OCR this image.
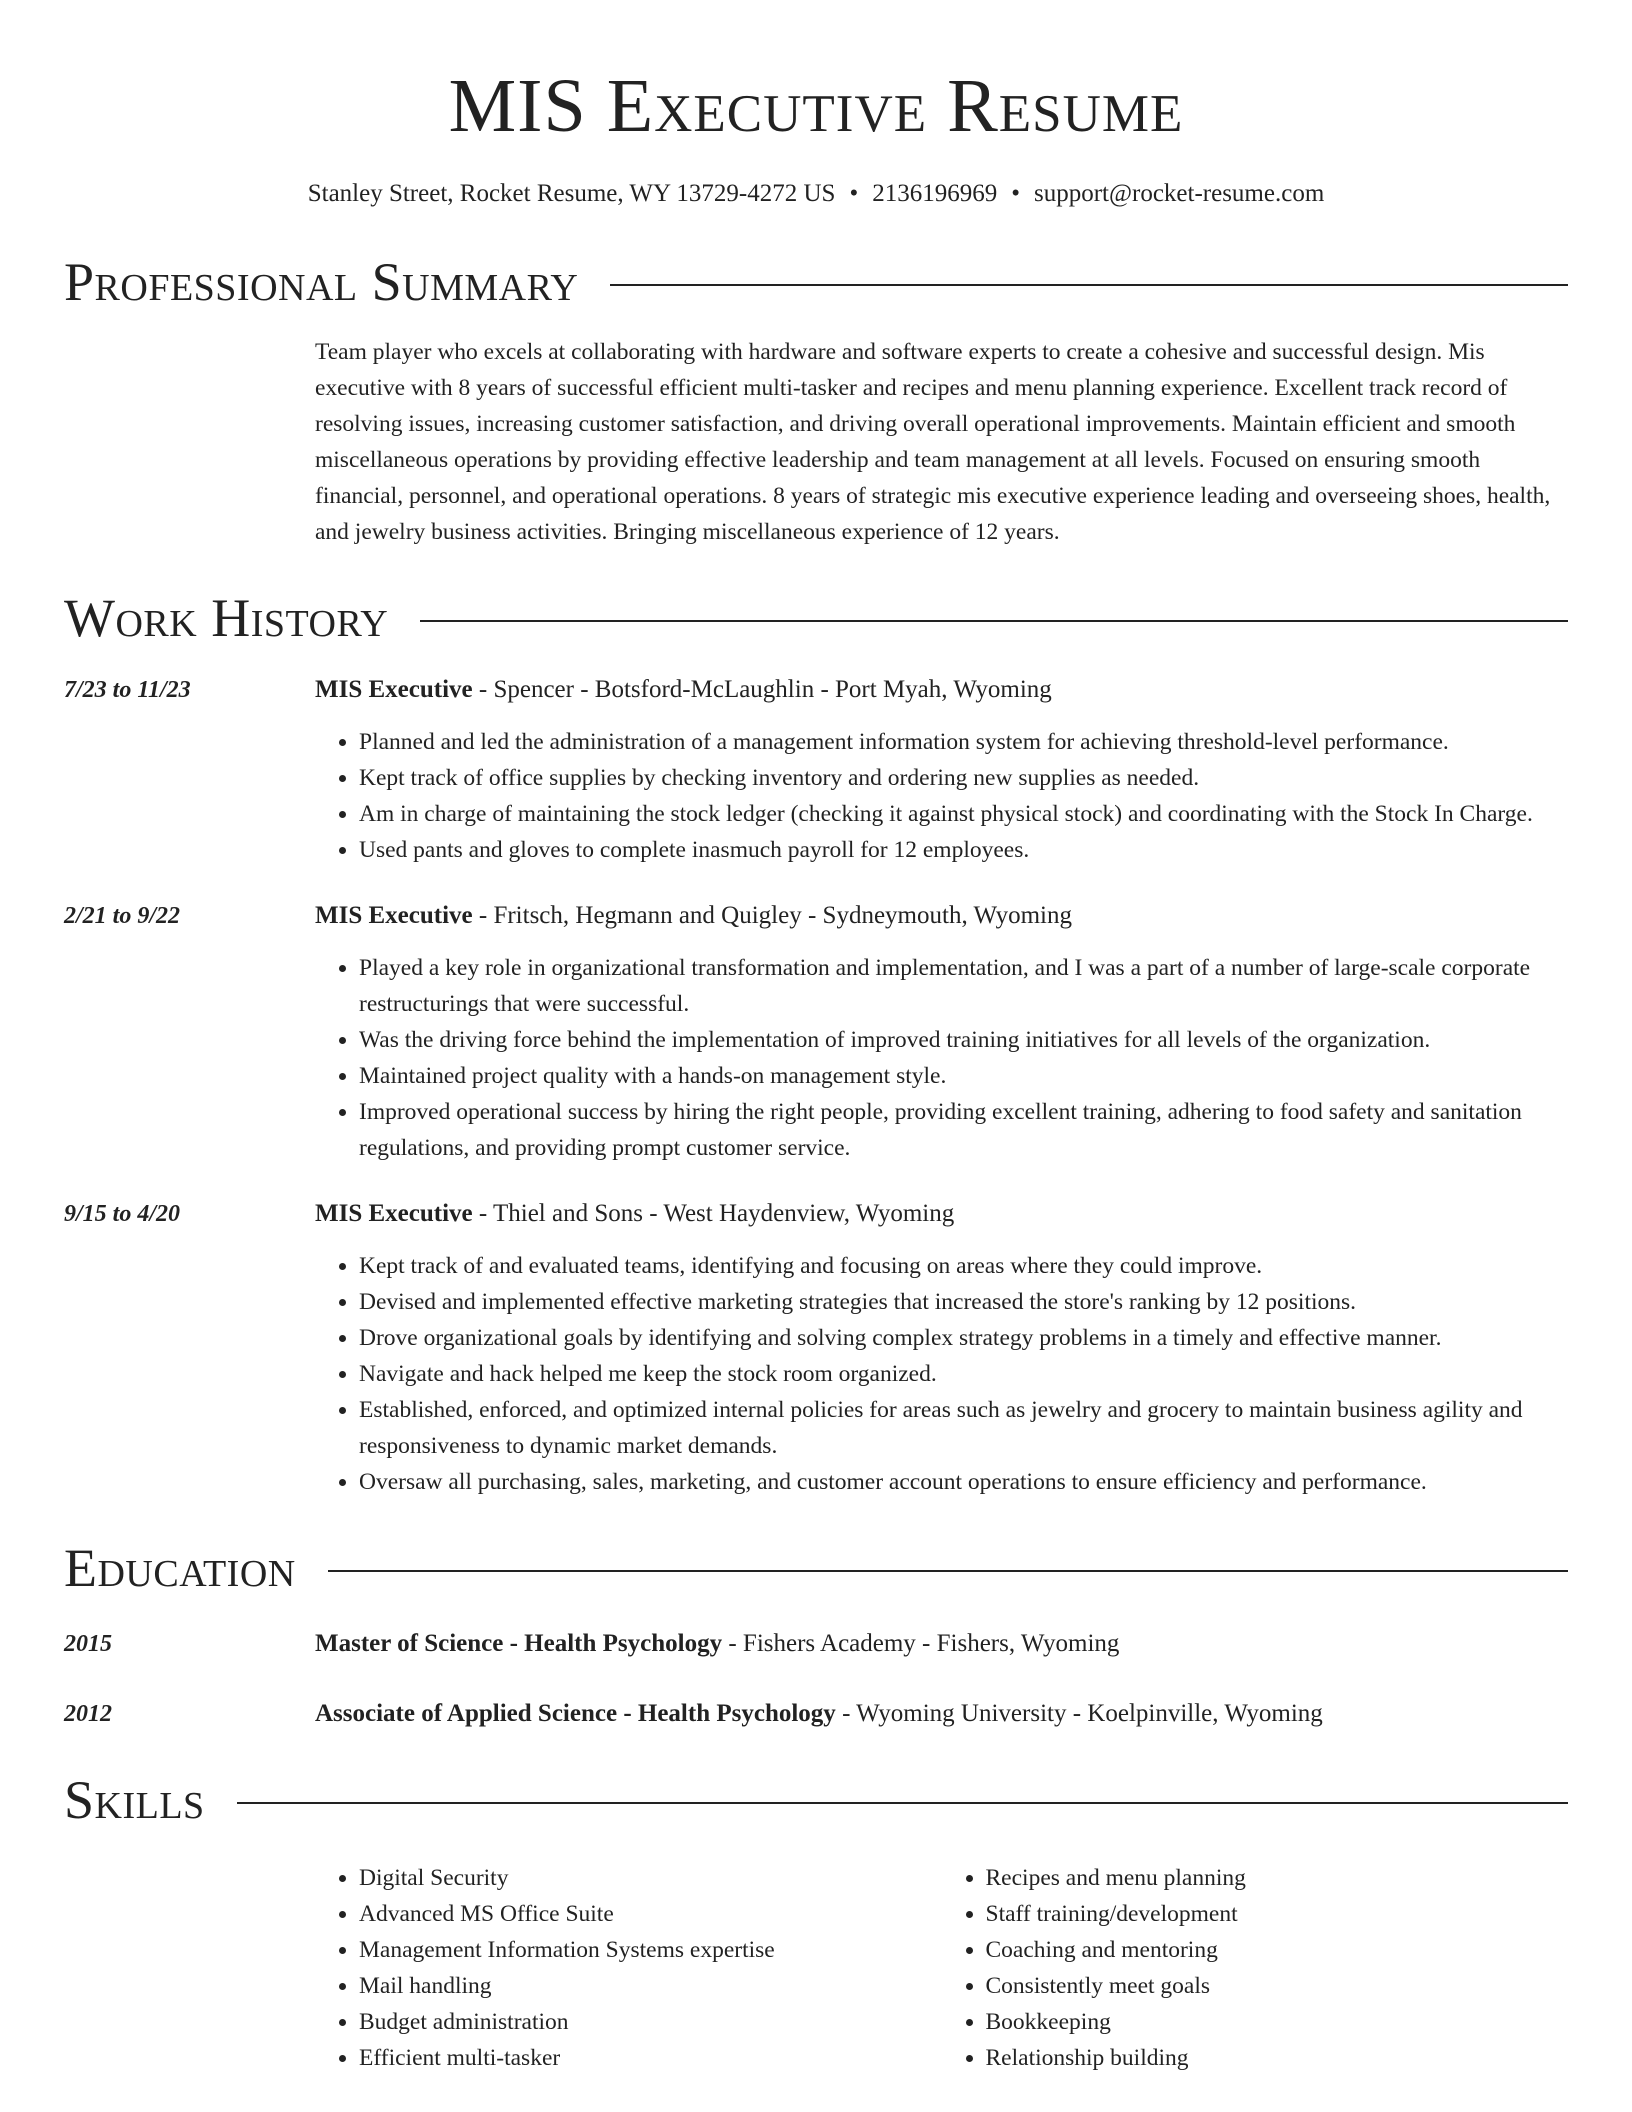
MIS Executive Resume
Stanley Street, Rocket Resume, WY 13729-4272 US • 2136196969 • support@rocket-resume.com
Professional Summary
Team player who excels at collaborating with hardware and software experts to create a cohesive and successful design. Mis executive with 8 years of successful efficient multi-tasker and recipes and menu planning experience. Excellent track record of resolving issues, increasing customer satisfaction, and driving overall operational improvements. Maintain efficient and smooth miscellaneous operations by providing effective leadership and team management at all levels. Focused on ensuring smooth financial, personnel, and operational operations. 8 years of strategic mis executive experience leading and overseeing shoes, health, and jewelry business activities. Bringing miscellaneous experience of 12 years.
Work History
7/23 to 11/23	MIS Executive - Spencer - Botsford-McLaughlin - Port Myah, Wyoming
• Planned and led the administration of a management information system for achieving threshold-level performance.
• Kept track of office supplies by checking inventory and ordering new supplies as needed.
• Am in charge of maintaining the stock ledger (checking it against physical stock) and coordinating with the Stock In Charge.
• Used pants and gloves to complete inasmuch payroll for 12 employees.
2/21 to 9/22	MIS Executive - Fritsch, Hegmann and Quigley - Sydneymouth, Wyoming
• Played a key role in organizational transformation and implementation, and I was a part of a number of large-scale corporate restructurings that were successful.
• Was the driving force behind the implementation of improved training initiatives for all levels of the organization.
• Maintained project quality with a hands-on management style.
• Improved operational success by hiring the right people, providing excellent training, adhering to food safety and sanitation regulations, and providing prompt customer service.
9/15 to 4/20	MIS Executive - Thiel and Sons - West Haydenview, Wyoming
• Kept track of and evaluated teams, identifying and focusing on areas where they could improve.
• Devised and implemented effective marketing strategies that increased the store's ranking by 12 positions.
• Drove organizational goals by identifying and solving complex strategy problems in a timely and effective manner.
• Navigate and hack helped me keep the stock room organized.
• Established, enforced, and optimized internal policies for areas such as jewelry and grocery to maintain business agility and responsiveness to dynamic market demands.
• Oversaw all purchasing, sales, marketing, and customer account operations to ensure efficiency and performance.
Education
2015	Master of Science - Health Psychology - Fishers Academy - Fishers, Wyoming
2012	Associate of Applied Science - Health Psychology - Wyoming University - Koelpinville, Wyoming
Skills
• Digital Security
• Advanced MS Office Suite
• Management Information Systems expertise
• Mail handling
• Budget administration
• Efficient multi-tasker
• Recipes and menu planning
• Staff training/development
• Coaching and mentoring
• Consistently meet goals
• Bookkeeping
• Relationship building
